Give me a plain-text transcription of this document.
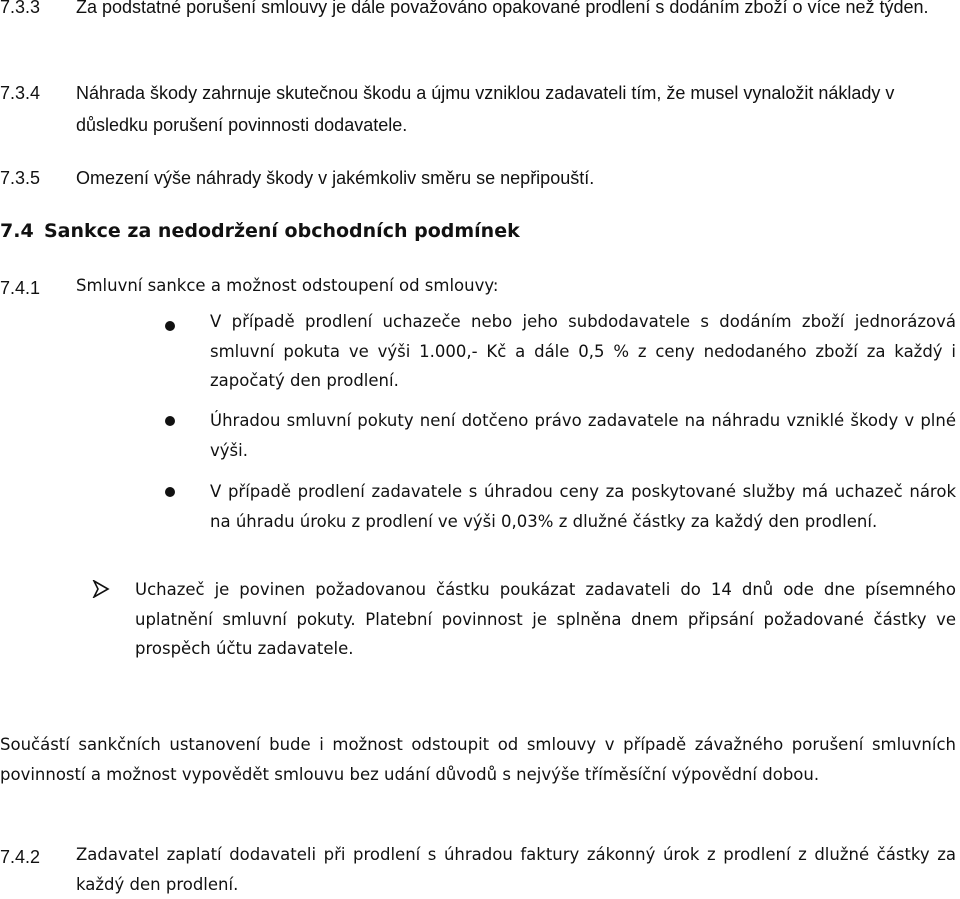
7.3.3 Za podstatné porušení smlouvy je dále považováno opakované prodlení s dodáním zboží o více než týden.
7.3.4 Náhrada škody zahrnuje skutečnou škodu a újmu vzniklou zadavateli tím, že musel vynaložit náklady v důsledku porušení povinnosti dodavatele.
7.3.5 Omezení výše náhrady škody v jakémkoliv směru se nepřipouští.
7.4 Sankce za nedodržení obchodních podmínek
7.4.1 Smluvní sankce a možnost odstoupení od smlouvy:
V případě prodlení uchazeče nebo jeho subdodavatele s dodáním zboží jednorázová smluvní pokuta ve výši 1.000,- Kč a dále 0,5 % z ceny nedodaného zboží za každý i započatý den prodlení.
Úhradou smluvní pokuty není dotčeno právo zadavatele na náhradu vzniklé škody v plné výši.
V případě prodlení zadavatele s úhradou ceny za poskytované služby má uchazeč nárok na úhradu úroku z prodlení ve výši 0,03% z dlužné částky za každý den prodlení.
Uchazeč je povinen požadovanou částku poukázat zadavateli do 14 dnů ode dne písemného uplatnění smluvní pokuty. Platební povinnost je splněna dnem připsání požadované částky ve prospěch účtu zadavatele.
Součástí sankčních ustanovení bude i možnost odstoupit od smlouvy v případě závažného porušení smluvních povinností a možnost vypovědět smlouvu bez udání důvodů s nejvýše tříměsíční výpovědní dobou.
7.4.2 Zadavatel zaplatí dodavateli při prodlení s úhradou faktury zákonný úrok z prodlení z dlužné částky za každý den prodlení.
